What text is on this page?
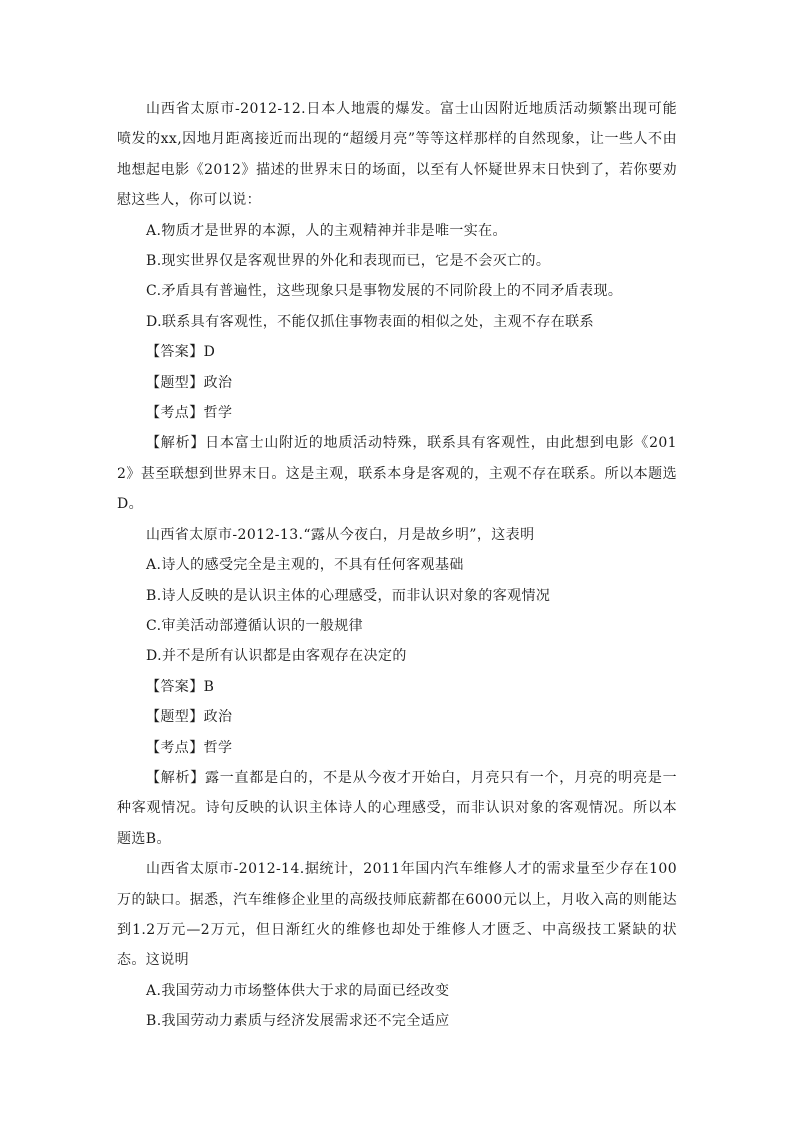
山西省太原市-2012-12.日本人地震的爆发。富士山因附近地质活动频繁出现可能喷发的xx,因地月距离接近而出现的“超缓月亮”等等这样那样的自然现象，让一些人不由地想起电影《2012》描述的世界末日的场面，以至有人怀疑世界末日快到了，若你要劝慰这些人，你可以说：

A.物质才是世界的本源，人的主观精神并非是唯一实在。
B.现实世界仅是客观世界的外化和表现而已，它是不会灭亡的。
C.矛盾具有普遍性，这些现象只是事物发展的不同阶段上的不同矛盾表现。
D.联系具有客观性，不能仅抓住事物表面的相似之处，主观不存在联系
【答案】D
【题型】政治
【考点】哲学

【解析】日本富士山附近的地质活动特殊，联系具有客观性，由此想到电影《2012》甚至联想到世界末日。这是主观，联系本身是客观的，主观不存在联系。所以本题选D。

山西省太原市-2012-13.“露从今夜白，月是故乡明”，这表明

A.诗人的感受完全是主观的，不具有任何客观基础
B.诗人反映的是认识主体的心理感受，而非认识对象的客观情况
C.审美活动部遵循认识的一般规律
D.并不是所有认识都是由客观存在决定的
【答案】B
【题型】政治
【考点】哲学

【解析】露一直都是白的，不是从今夜才开始白，月亮只有一个，月亮的明亮是一种客观情况。诗句反映的认识主体诗人的心理感受，而非认识对象的客观情况。所以本题选B。

山西省太原市-2012-14.据统计，2011年国内汽车维修人才的需求量至少存在100万的缺口。据悉，汽车维修企业里的高级技师底薪都在6000元以上，月收入高的则能达到1.2万元—2万元，但日渐红火的维修也却处于维修人才匮乏、中高级技工紧缺的状态。这说明

A.我国劳动力市场整体供大于求的局面已经改变
B.我国劳动力素质与经济发展需求还不完全适应
